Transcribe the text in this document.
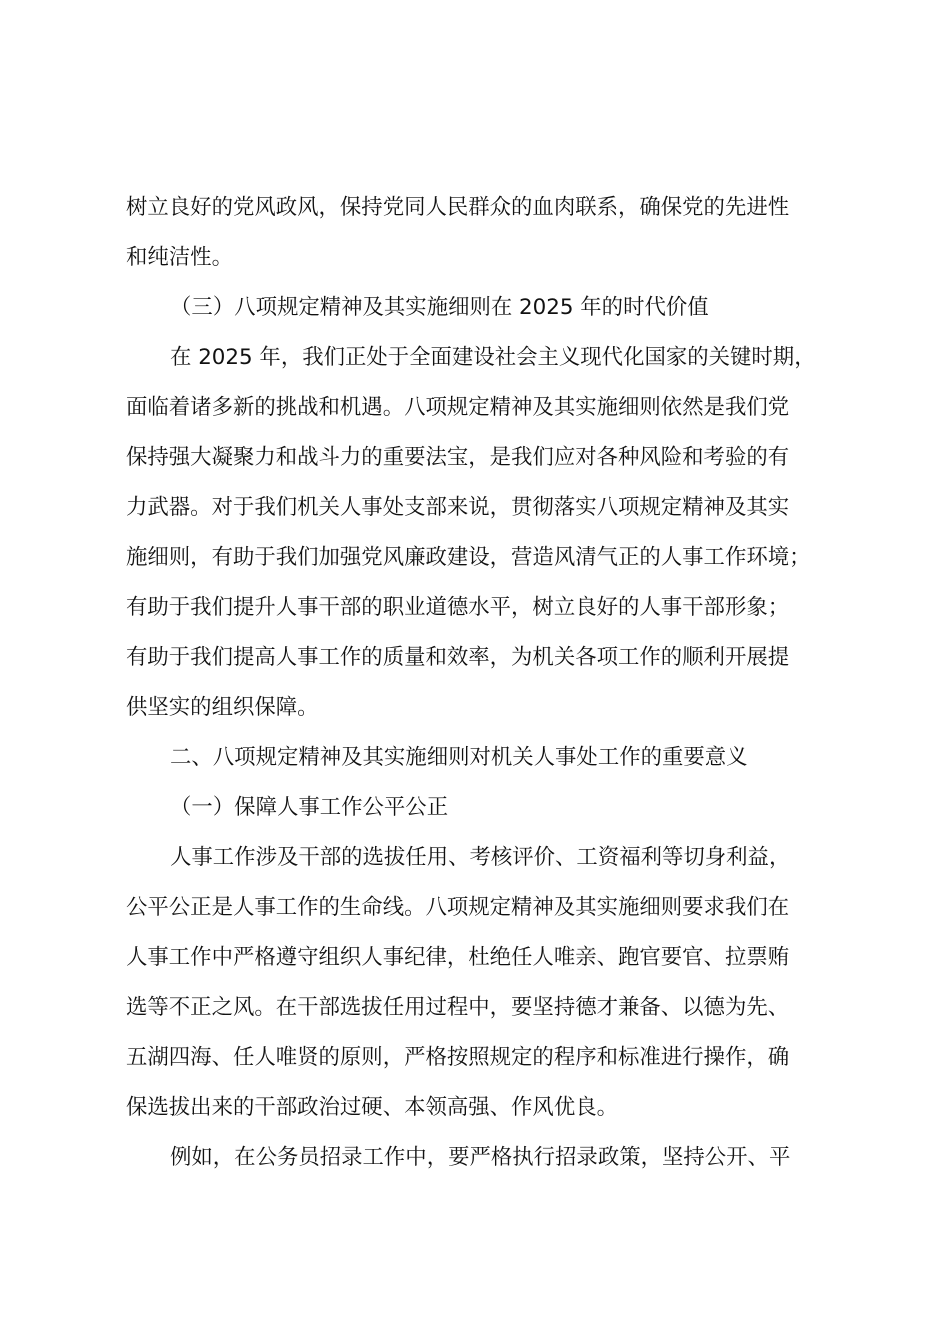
树立良好的党风政风，保持党同人民群众的血肉联系，确保党的先进性
和纯洁性。

（三）八项规定精神及其实施细则在 2025 年的时代价值

在 2025 年，我们正处于全面建设社会主义现代化国家的关键时期，
面临着诸多新的挑战和机遇。八项规定精神及其实施细则依然是我们党
保持强大凝聚力和战斗力的重要法宝，是我们应对各种风险和考验的有
力武器。对于我们机关人事处支部来说，贯彻落实八项规定精神及其实
施细则，有助于我们加强党风廉政建设，营造风清气正的人事工作环境；
有助于我们提升人事干部的职业道德水平，树立良好的人事干部形象；
有助于我们提高人事工作的质量和效率，为机关各项工作的顺利开展提
供坚实的组织保障。

二、八项规定精神及其实施细则对机关人事处工作的重要意义

（一）保障人事工作公平公正

人事工作涉及干部的选拔任用、考核评价、工资福利等切身利益，
公平公正是人事工作的生命线。八项规定精神及其实施细则要求我们在
人事工作中严格遵守组织人事纪律，杜绝任人唯亲、跑官要官、拉票贿
选等不正之风。在干部选拔任用过程中，要坚持德才兼备、以德为先、
五湖四海、任人唯贤的原则，严格按照规定的程序和标准进行操作，确
保选拔出来的干部政治过硬、本领高强、作风优良。

例如，在公务员招录工作中，要严格执行招录政策，坚持公开、平
